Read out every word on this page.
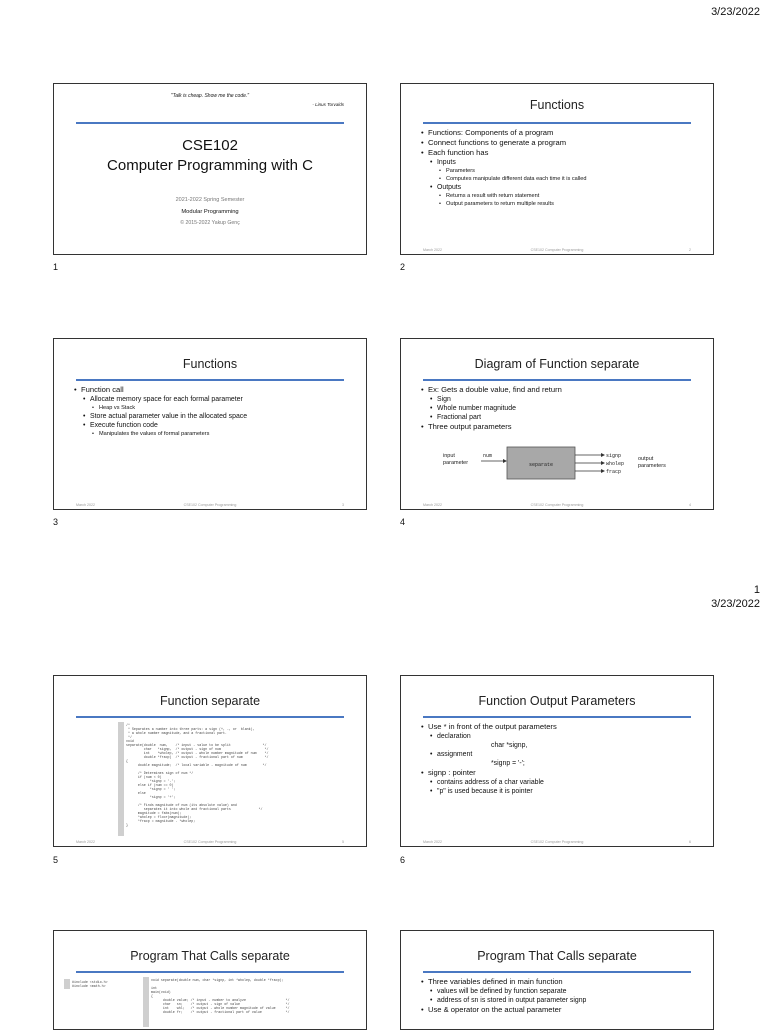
3/23/2022
1
3/23/2022
"Talk is cheap. Show me the code."
- Linus Torvalds
CSE102
Computer Programming with C
2021-2022 Spring Semester
Modular Programming
© 2015-2022 Yakup Genç
1
Functions
• Functions: Components of a program
• Connect functions to generate a program
• Each function has
• Inputs
• Parameters
• Computes manipulate different data each time it is called
• Outputs
• Returns a result with return statement
• Output parameters to return multiple results
March 2022	CSE102 Computer Programming	2
2
Functions
• Function call
• Allocate memory space for each formal parameter
• Heap vs Stack
• Store actual parameter value in the allocated space
• Execute function code
• Manipulates the values of formal parameters
March 2022	CSE102 Computer Programming	3
3
Diagram of Function separate
• Ex: Gets a double value, find and return
• Sign
• Whole number magnitude
• Fractional part
• Three output parameters
input
parameter
num
separate
signp
wholep
fracp
output
parameters
March 2022	CSE102 Computer Programming	4
4
Function separate
/*
* Separates a number into three parts: a sign (+, -, or  blank),
* a whole number magnitude, and a fractional part.
*/
void
separate(double  num,    /* input - value to be split                */
char   *signp,  /* output - sign of num                      */
int    *wholep, /* output - whole number magnitude of num    */
double *fracp)  /* output - fractional part of num           */
{
double magnitude;  /* local variable - magnitude of num        */

/* Determines sign of num */
if (num < 0)
*signp = '-';
else if (num == 0)
*signp = ' ';
else
*signp = '+';

/* Finds magnitude of num (its absolute value) and
separates it into whole and fractional parts              */
magnitude = fabs(num);
*wholep = floor(magnitude);
*fracp = magnitude - *wholep;
}
March 2022	CSE102 Computer Programming	5
5
Function Output Parameters
• Use * in front of the output parameters
• declaration
char *signp,
• assignment
*signp = '-';
• signp : pointer
• contains address of a char variable
• "p" is used because it is pointer
March 2022	CSE102 Computer Programming	6
6
Program That Calls separate
#include <stdio.h>
#include <math.h>
void separate(double num, char *signp, int *wholep, double *fracp);

int
main(void)
{
double value; /* input - number to analyze                    */
char   sn;    /* output - sign of value                       */
int    whl;   /* output - whole number magnitude of value     */
double fr;    /* output - fractional part of value            */
Program That Calls separate
• Three variables defined in main function
• values will be defined by function separate
• address of sn is stored in output parameter signp
• Use & operator on the actual parameter
